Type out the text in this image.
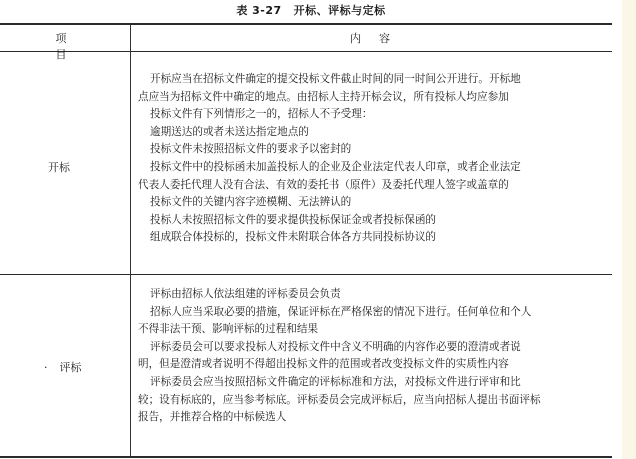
表 3-27 开标、评标与定标
项目
内容
开标

开标应当在招标文件确定的提交投标文件截止时间的同一时间公开进行。开标地

点应当为招标文件中确定的地点。由招标人主持开标会议，所有投标人均应参加

投标文件有下列情形之一的，招标人不予受理：

逾期送达的或者未送达指定地点的

投标文件未按照招标文件的要求予以密封的

投标文件中的投标函未加盖投标人的企业及企业法定代表人印章，或者企业法定

代表人委托代理人没有合法、有效的委托书（原件）及委托代理人签字或盖章的

投标文件的关键内容字迹模糊、无法辨认的

投标人未按照招标文件的要求提供投标保证金或者投标保函的

组成联合体投标的，投标文件未附联合体各方共同投标协议的

· 评标

评标由招标人依法组建的评标委员会负责

招标人应当采取必要的措施，保证评标在严格保密的情况下进行。任何单位和个人

不得非法干预、影响评标的过程和结果

评标委员会可以要求投标人对投标文件中含义不明确的内容作必要的澄清或者说

明，但是澄清或者说明不得超出投标文件的范围或者改变投标文件的实质性内容

评标委员会应当按照招标文件确定的评标标准和方法，对投标文件进行评审和比

较；设有标底的，应当参考标底。评标委员会完成评标后，应当向招标人提出书面评标

报告，并推荐合格的中标候选人
